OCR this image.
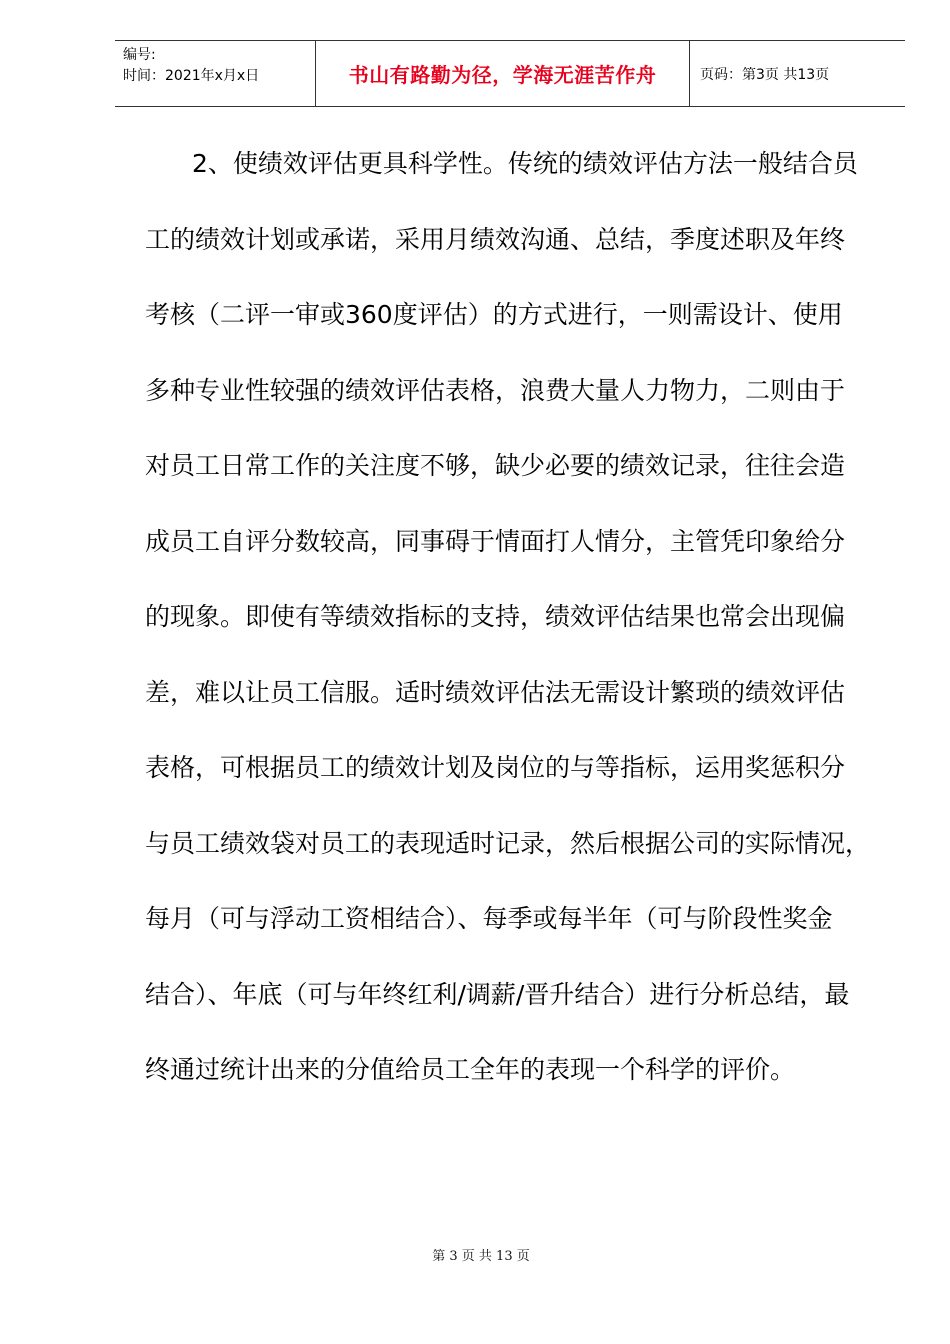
编号:
时间：2021年x月x日	书山有路勤为径，学海无涯苦作舟	页码：第3页 共13页
2、使绩效评估更具科学性。传统的绩效评估方法一般结合员
工的绩效计划或承诺，采用月绩效沟通、总结，季度述职及年终
考核（二评一审或360度评估）的方式进行，一则需设计、使用
多种专业性较强的绩效评估表格，浪费大量人力物力，二则由于
对员工日常工作的关注度不够，缺少必要的绩效记录，往往会造
成员工自评分数较高，同事碍于情面打人情分，主管凭印象给分
的现象。即使有等绩效指标的支持，绩效评估结果也常会出现偏
差，难以让员工信服。适时绩效评估法无需设计繁琐的绩效评估
表格，可根据员工的绩效计划及岗位的与等指标，运用奖惩积分
与员工绩效袋对员工的表现适时记录，然后根据公司的实际情况，
每月（可与浮动工资相结合）、每季或每半年（可与阶段性奖金
结合）、年底（可与年终红利/调薪/晋升结合）进行分析总结，最
终通过统计出来的分值给员工全年的表现一个科学的评价。
第 3 页 共 13 页
